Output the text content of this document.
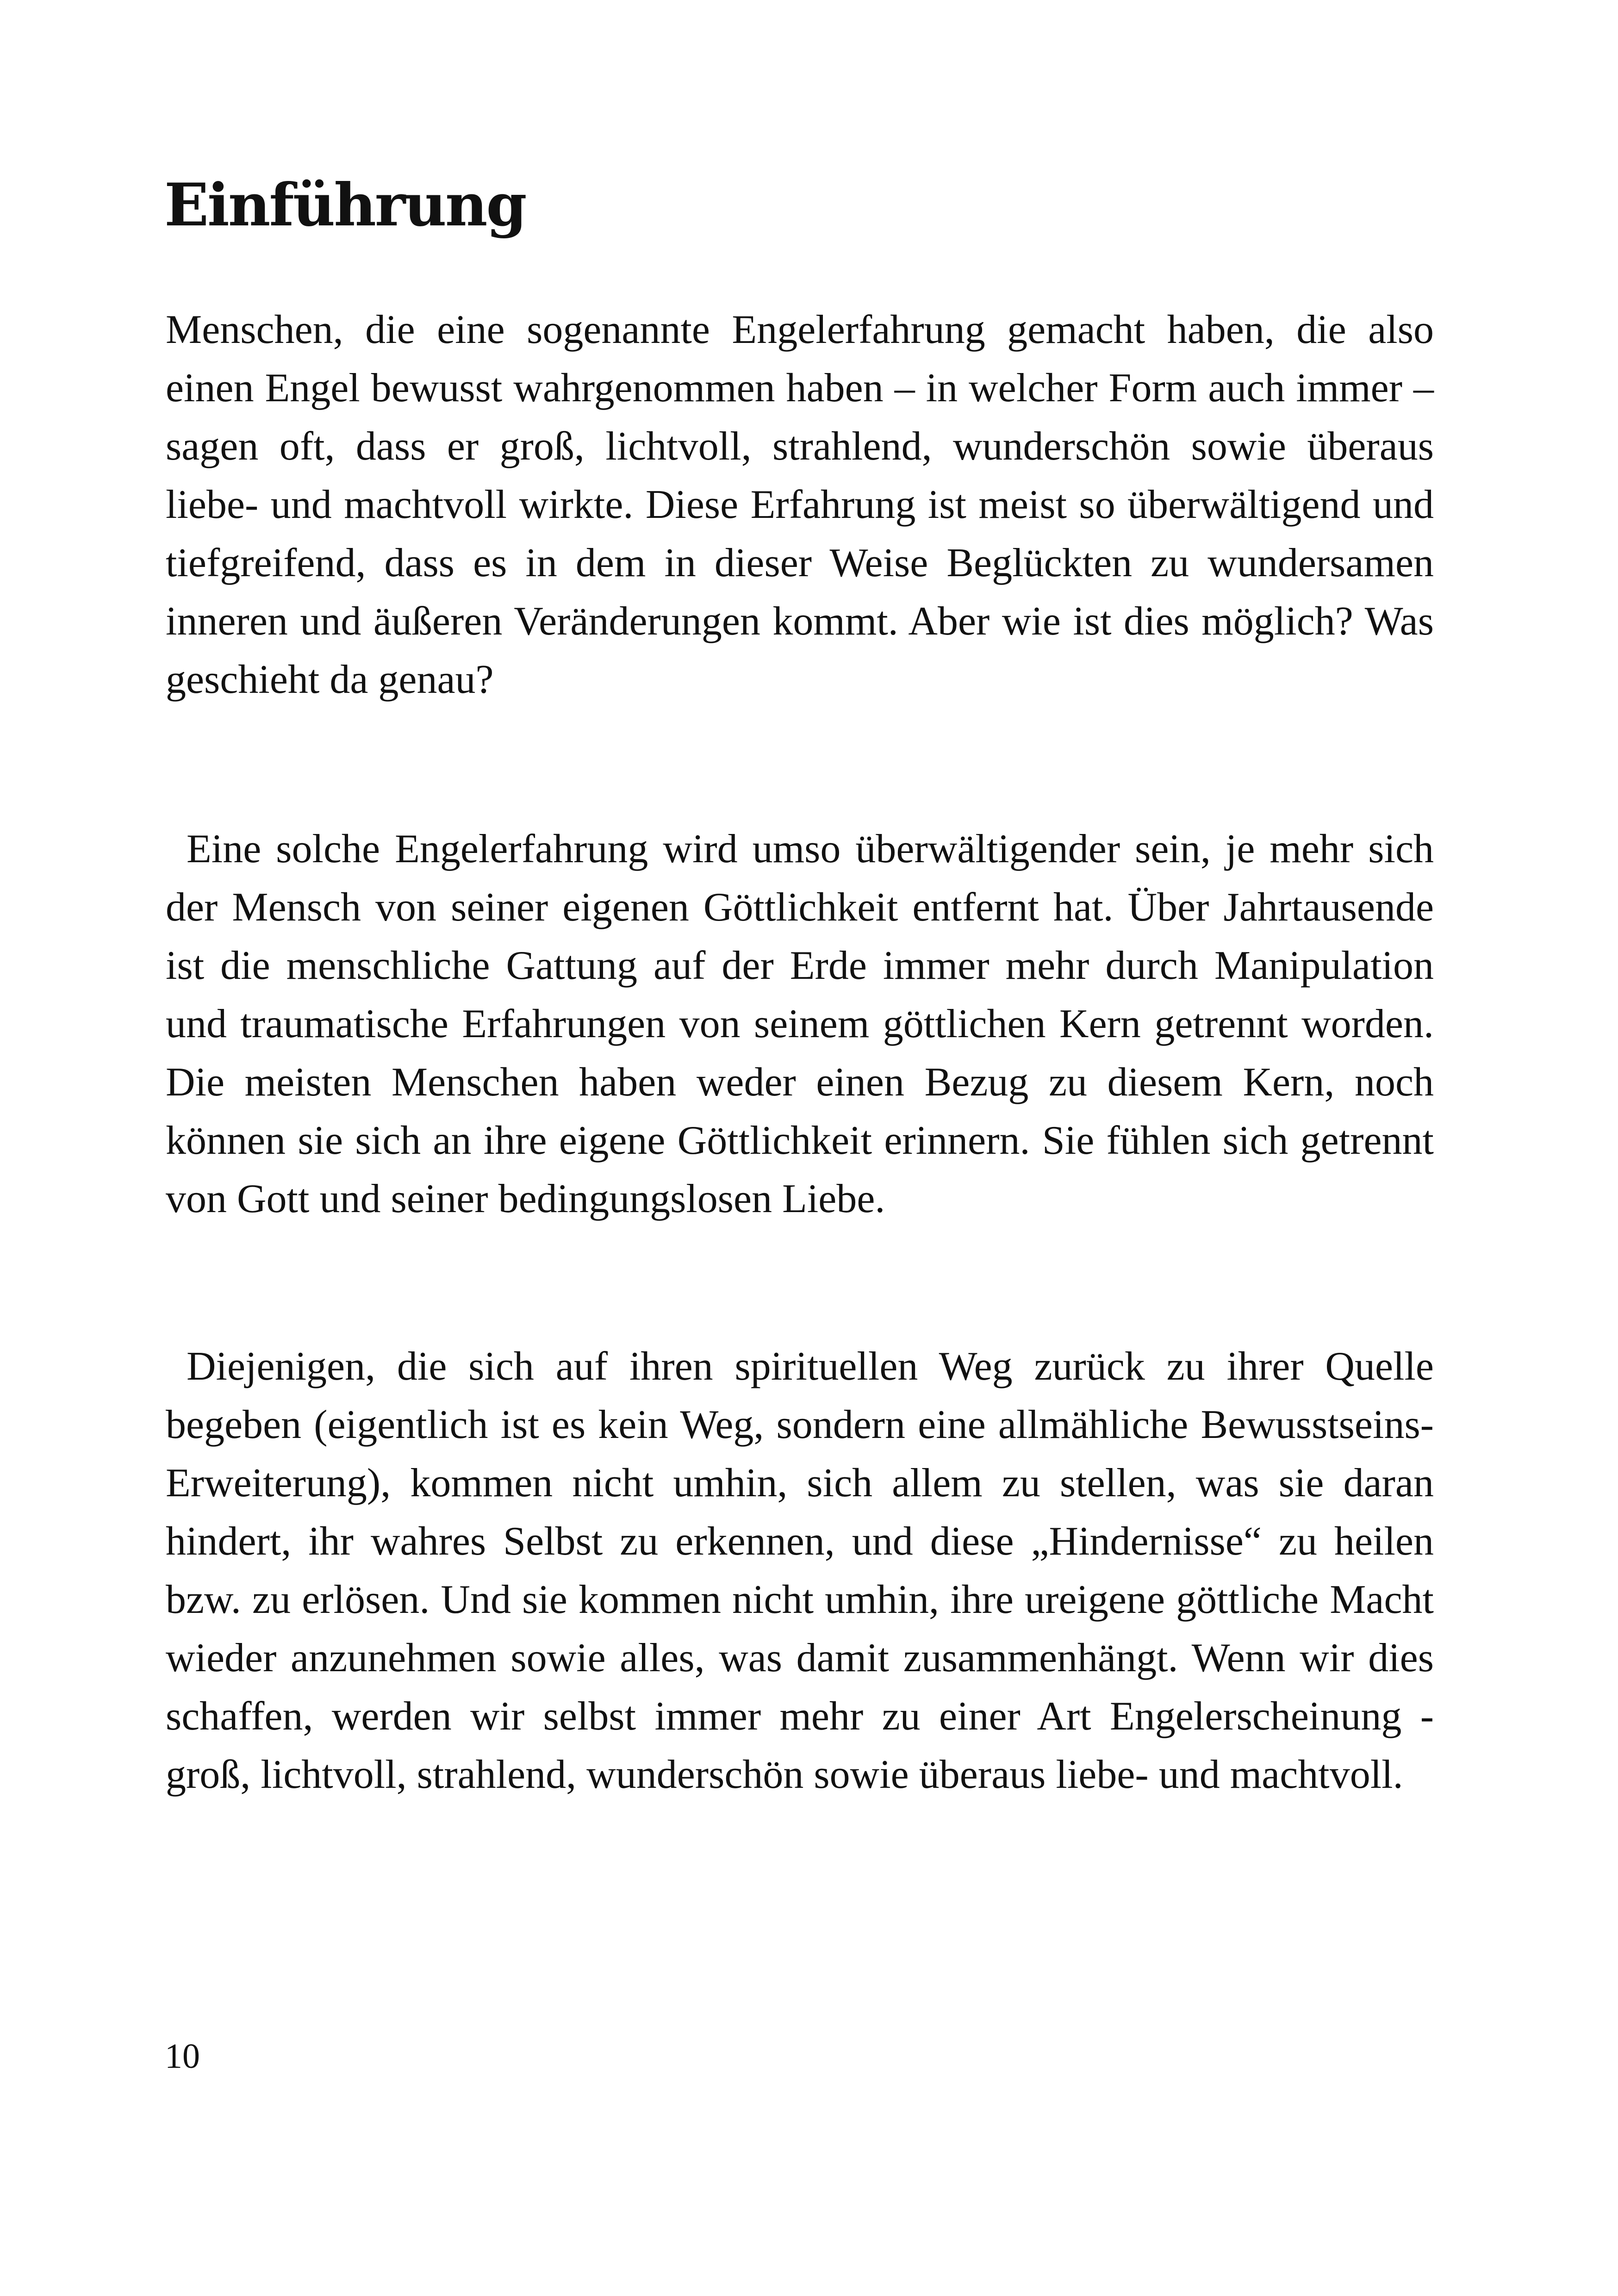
Einführung

Menschen, die eine sogenannte Engelerfahrung gemacht haben, die also einen Engel bewusst wahrgenommen haben – in welcher Form auch immer – sagen oft, dass er groß, lichtvoll, strahlend, wunderschön sowie überaus liebe- und machtvoll wirkte. Diese Erfahrung ist meist so überwältigend und tiefgreifend, dass es in dem in dieser Weise Beglückten zu wundersamen inneren und äußeren Veränderungen kommt. Aber wie ist dies möglich? Was geschieht da genau?

Eine solche Engelerfahrung wird umso überwältigender sein, je mehr sich der Mensch von seiner eigenen Göttlichkeit entfernt hat. Über Jahrtausende ist die menschliche Gattung auf der Erde immer mehr durch Manipulation und traumatische Erfahrungen von seinem göttlichen Kern getrennt worden. Die meisten Menschen haben weder einen Bezug zu diesem Kern, noch können sie sich an ihre eigene Göttlichkeit erinnern. Sie fühlen sich getrennt von Gott und seiner bedingungslosen Liebe.

Diejenigen, die sich auf ihren spirituellen Weg zurück zu ihrer Quelle begeben (eigentlich ist es kein Weg, sondern eine allmähliche Bewusstseins-Erweiterung), kommen nicht umhin, sich allem zu stellen, was sie daran hindert, ihr wahres Selbst zu erkennen, und diese „Hindernisse“ zu heilen bzw. zu erlösen. Und sie kommen nicht umhin, ihre ureigene göttliche Macht wieder anzunehmen sowie alles, was damit zusammenhängt. Wenn wir dies schaffen, werden wir selbst immer mehr zu einer Art Engelerscheinung - groß, lichtvoll, strahlend, wunderschön sowie überaus liebe- und machtvoll.

10
